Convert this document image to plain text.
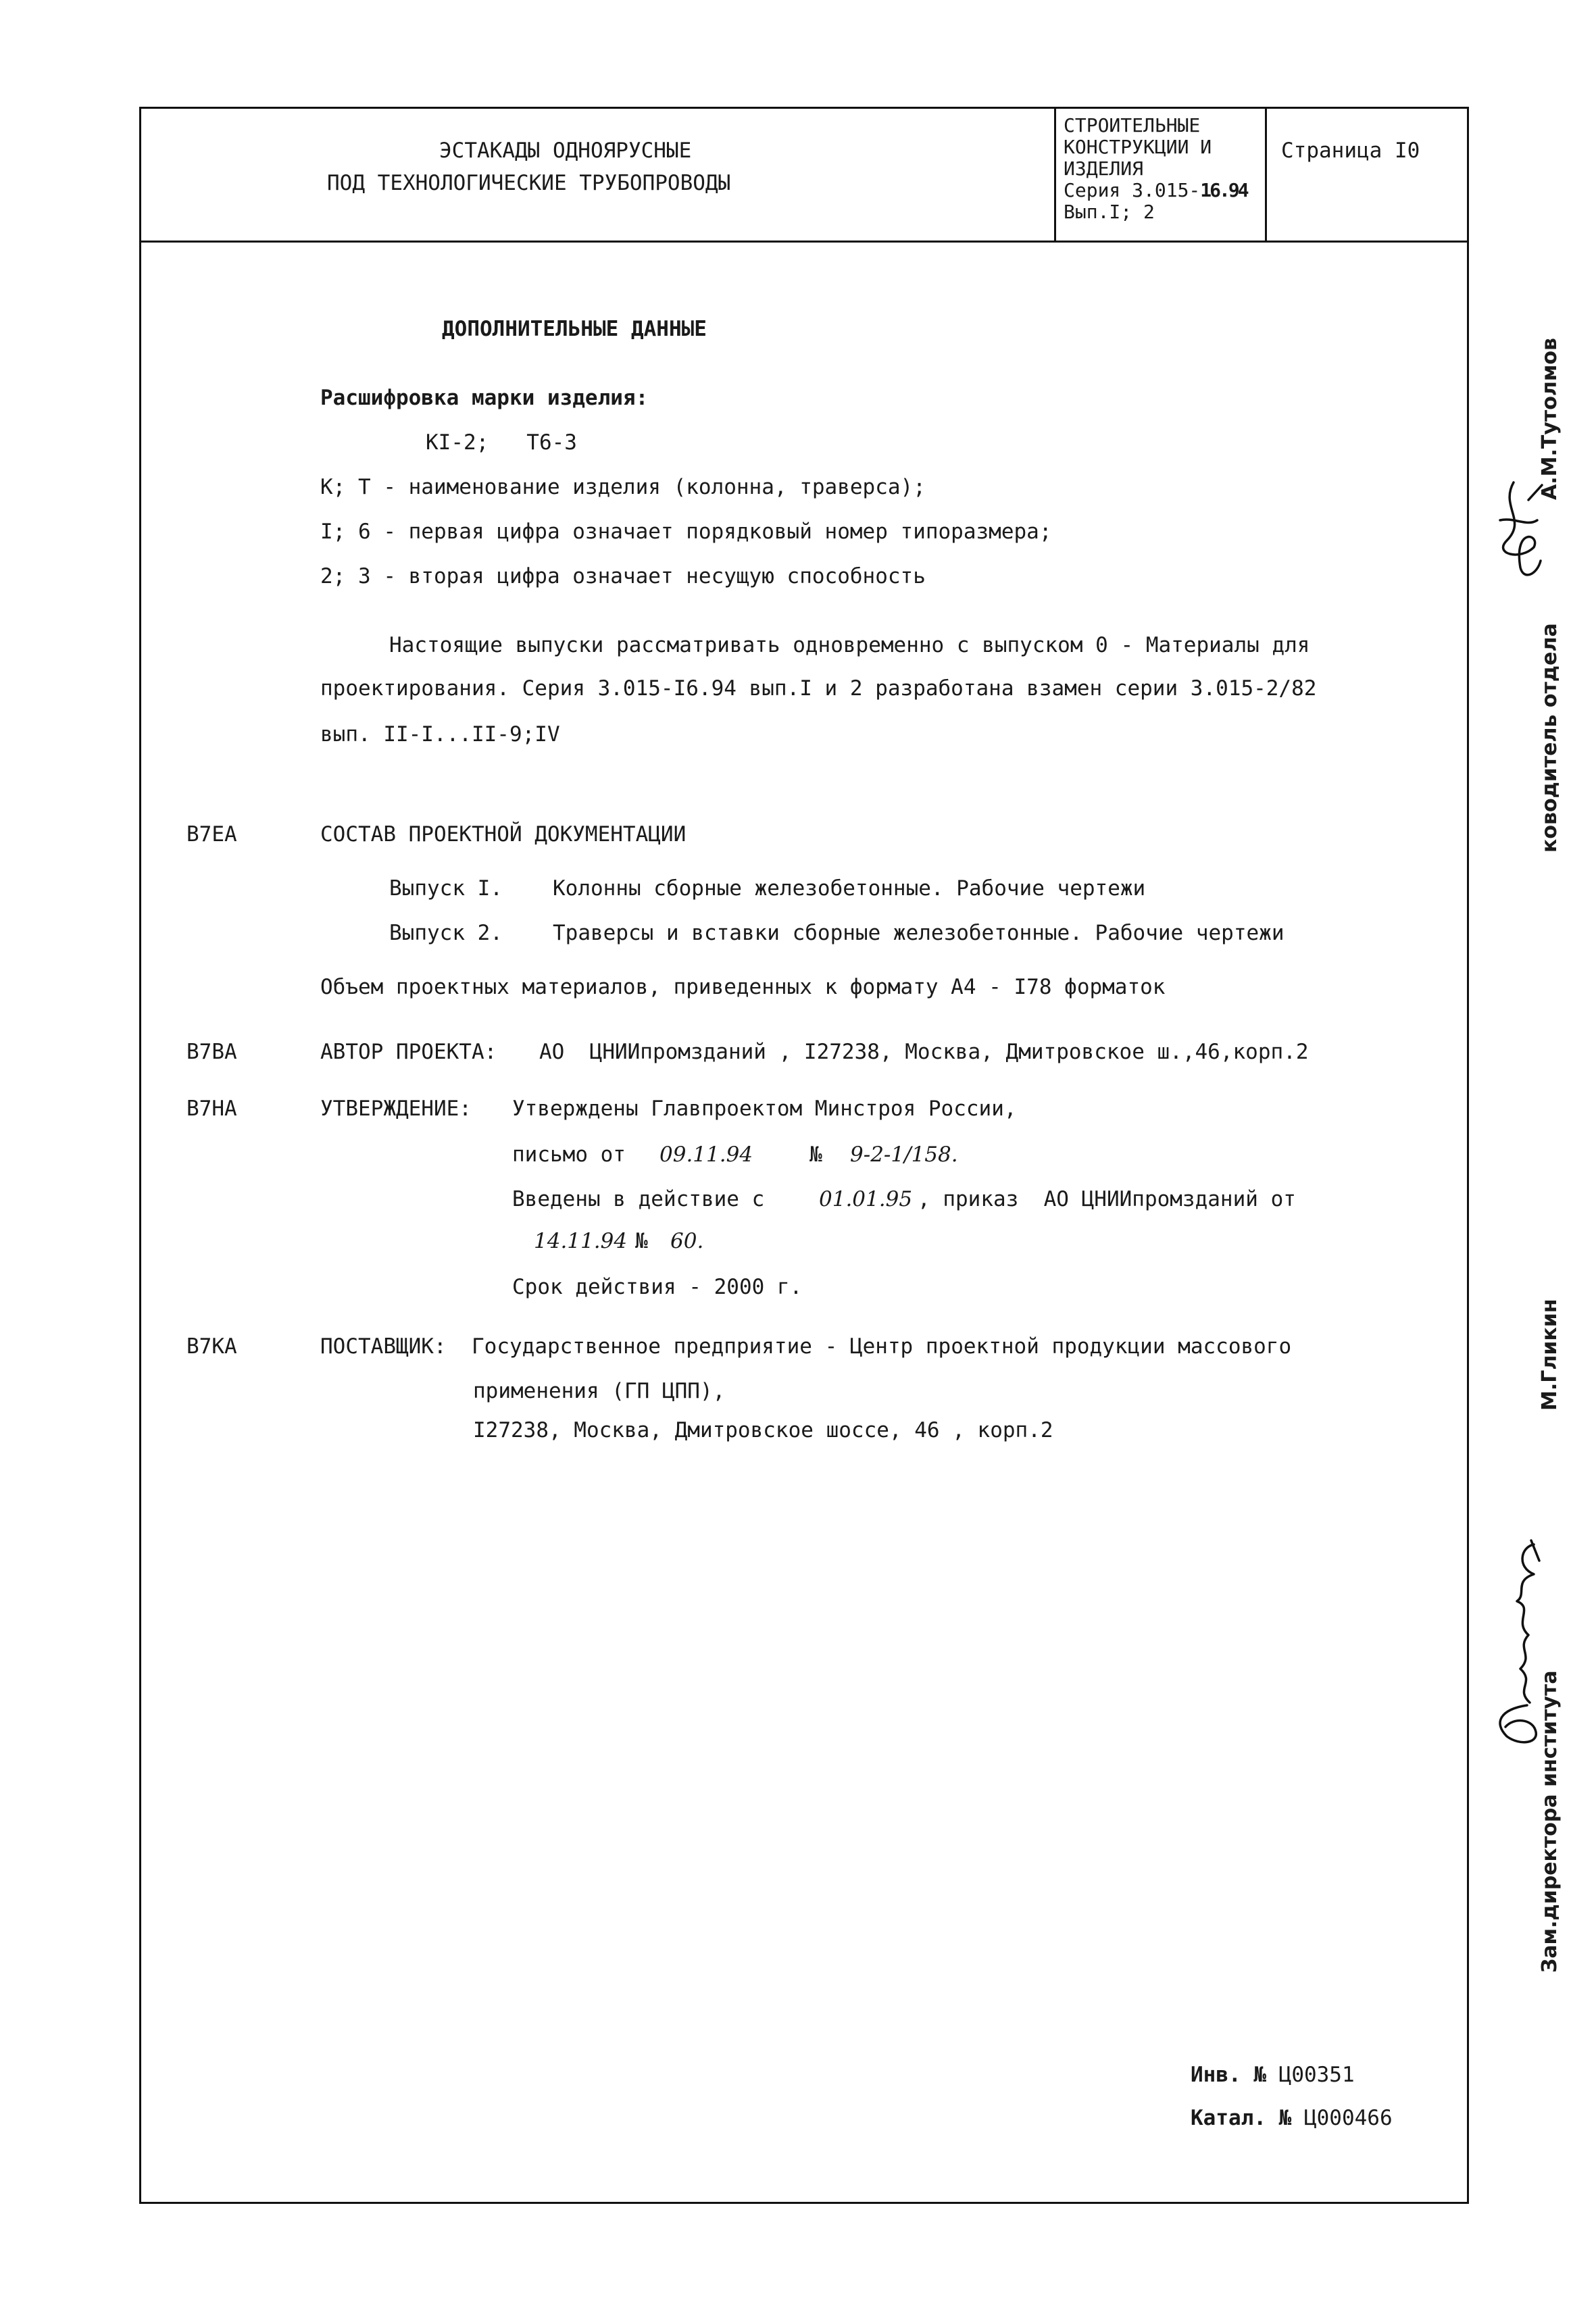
ЭСТАКАДЫ ОДНОЯРУСНЫЕ
ПОД ТЕХНОЛОГИЧЕСКИЕ ТРУБОПРОВОДЫ
СТРОИТЕЛЬНЫЕ
КОНСТРУКЦИИ И
ИЗДЕЛИЯ
Серия 3.015-16.94
Вып.I; 2
Страница I0
ДОПОЛНИТЕЛЬНЫЕ ДАННЫЕ
Расшифровка марки изделия:
KI-2;   T6-3
К; Т - наименование изделия (колонна, траверса);
I; 6 - первая цифра означает порядковый номер типоразмера;
2; 3 - вторая цифра означает несущую способность
Настоящие выпуски рассматривать одновременно с выпуском 0 - Материалы для
проектирования. Серия 3.015-I6.94 вып.I и 2 разработана взамен серии 3.015-2/82
вып. II-I...II-9;IV
В7ЕА	СОСТАВ ПРОЕКТНОЙ ДОКУМЕНТАЦИИ
Выпуск I. Колонны сборные железобетонные. Рабочие чертежи
Выпуск 2. Траверсы и вставки сборные железобетонные. Рабочие чертежи
Объем проектных материалов, приведенных к формату А4 - I78 форматок
В7ВА	АВТОР ПРОЕКТА: АО  ЦНИИпромзданий , I27238, Москва, Дмитровское ш.,46,корп.2
В7НА	УТВЕРЖДЕНИЕ: Утверждены Главпроектом Минстроя России,
письмо от 09.11.94	№ 9-2-1/158.
Введены в действие с	01.01.95 , приказ  АО ЦНИИпромзданий от
14.11.94 № 60.
Срок действия - 2000 г.
В7КА	ПОСТАВЩИК: Государственное предприятие - Центр проектной продукции массового
применения (ГП ЦПП),
I27238, Москва, Дмитровское шоссе, 46 , корп.2
Инв. № Ц00351
Катал. № Ц000466
А.М.Тутолмов
ководитель отдела
М.Гликин
Зам.директора института
